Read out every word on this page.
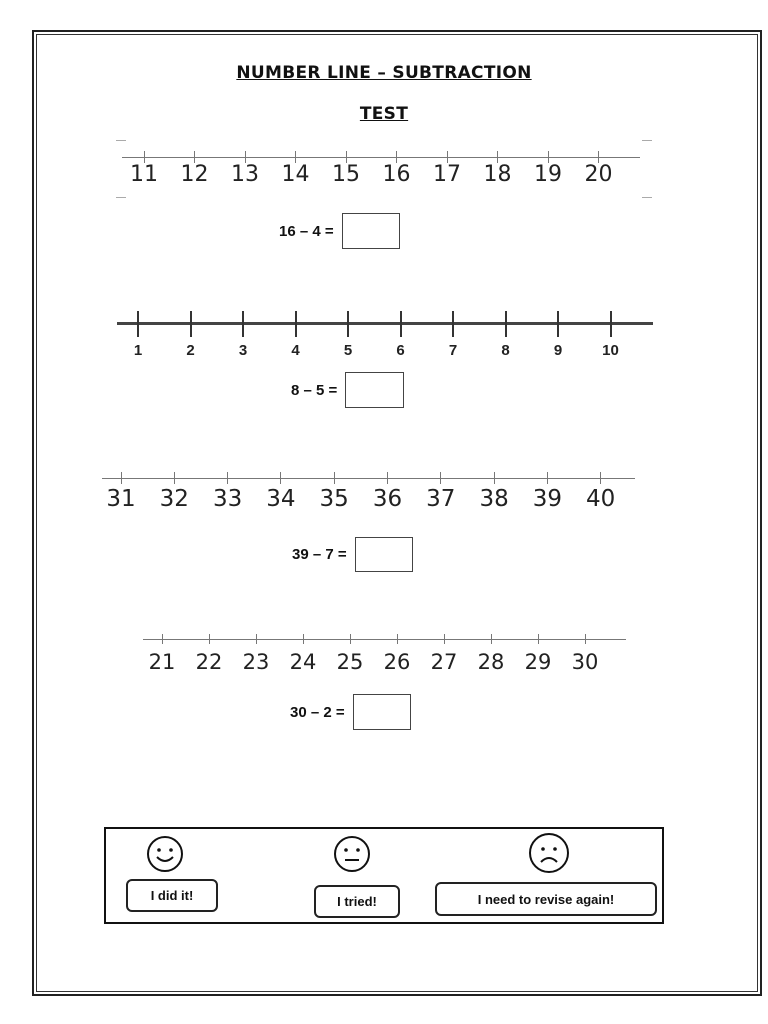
NUMBER LINE – SUBTRACTION
TEST
11 12 13 14 15 16 17 18 19 20
1	2	3	4	5	6	7	8	9	10
31 32 33 34 35 36 37 38 39 40
21 22 23 24 25 26 27 28 29 30
16 – 4 =
8 – 5 =
39 – 7 =
30 – 2 =
I did it!	I tried!	I need to revise again!
